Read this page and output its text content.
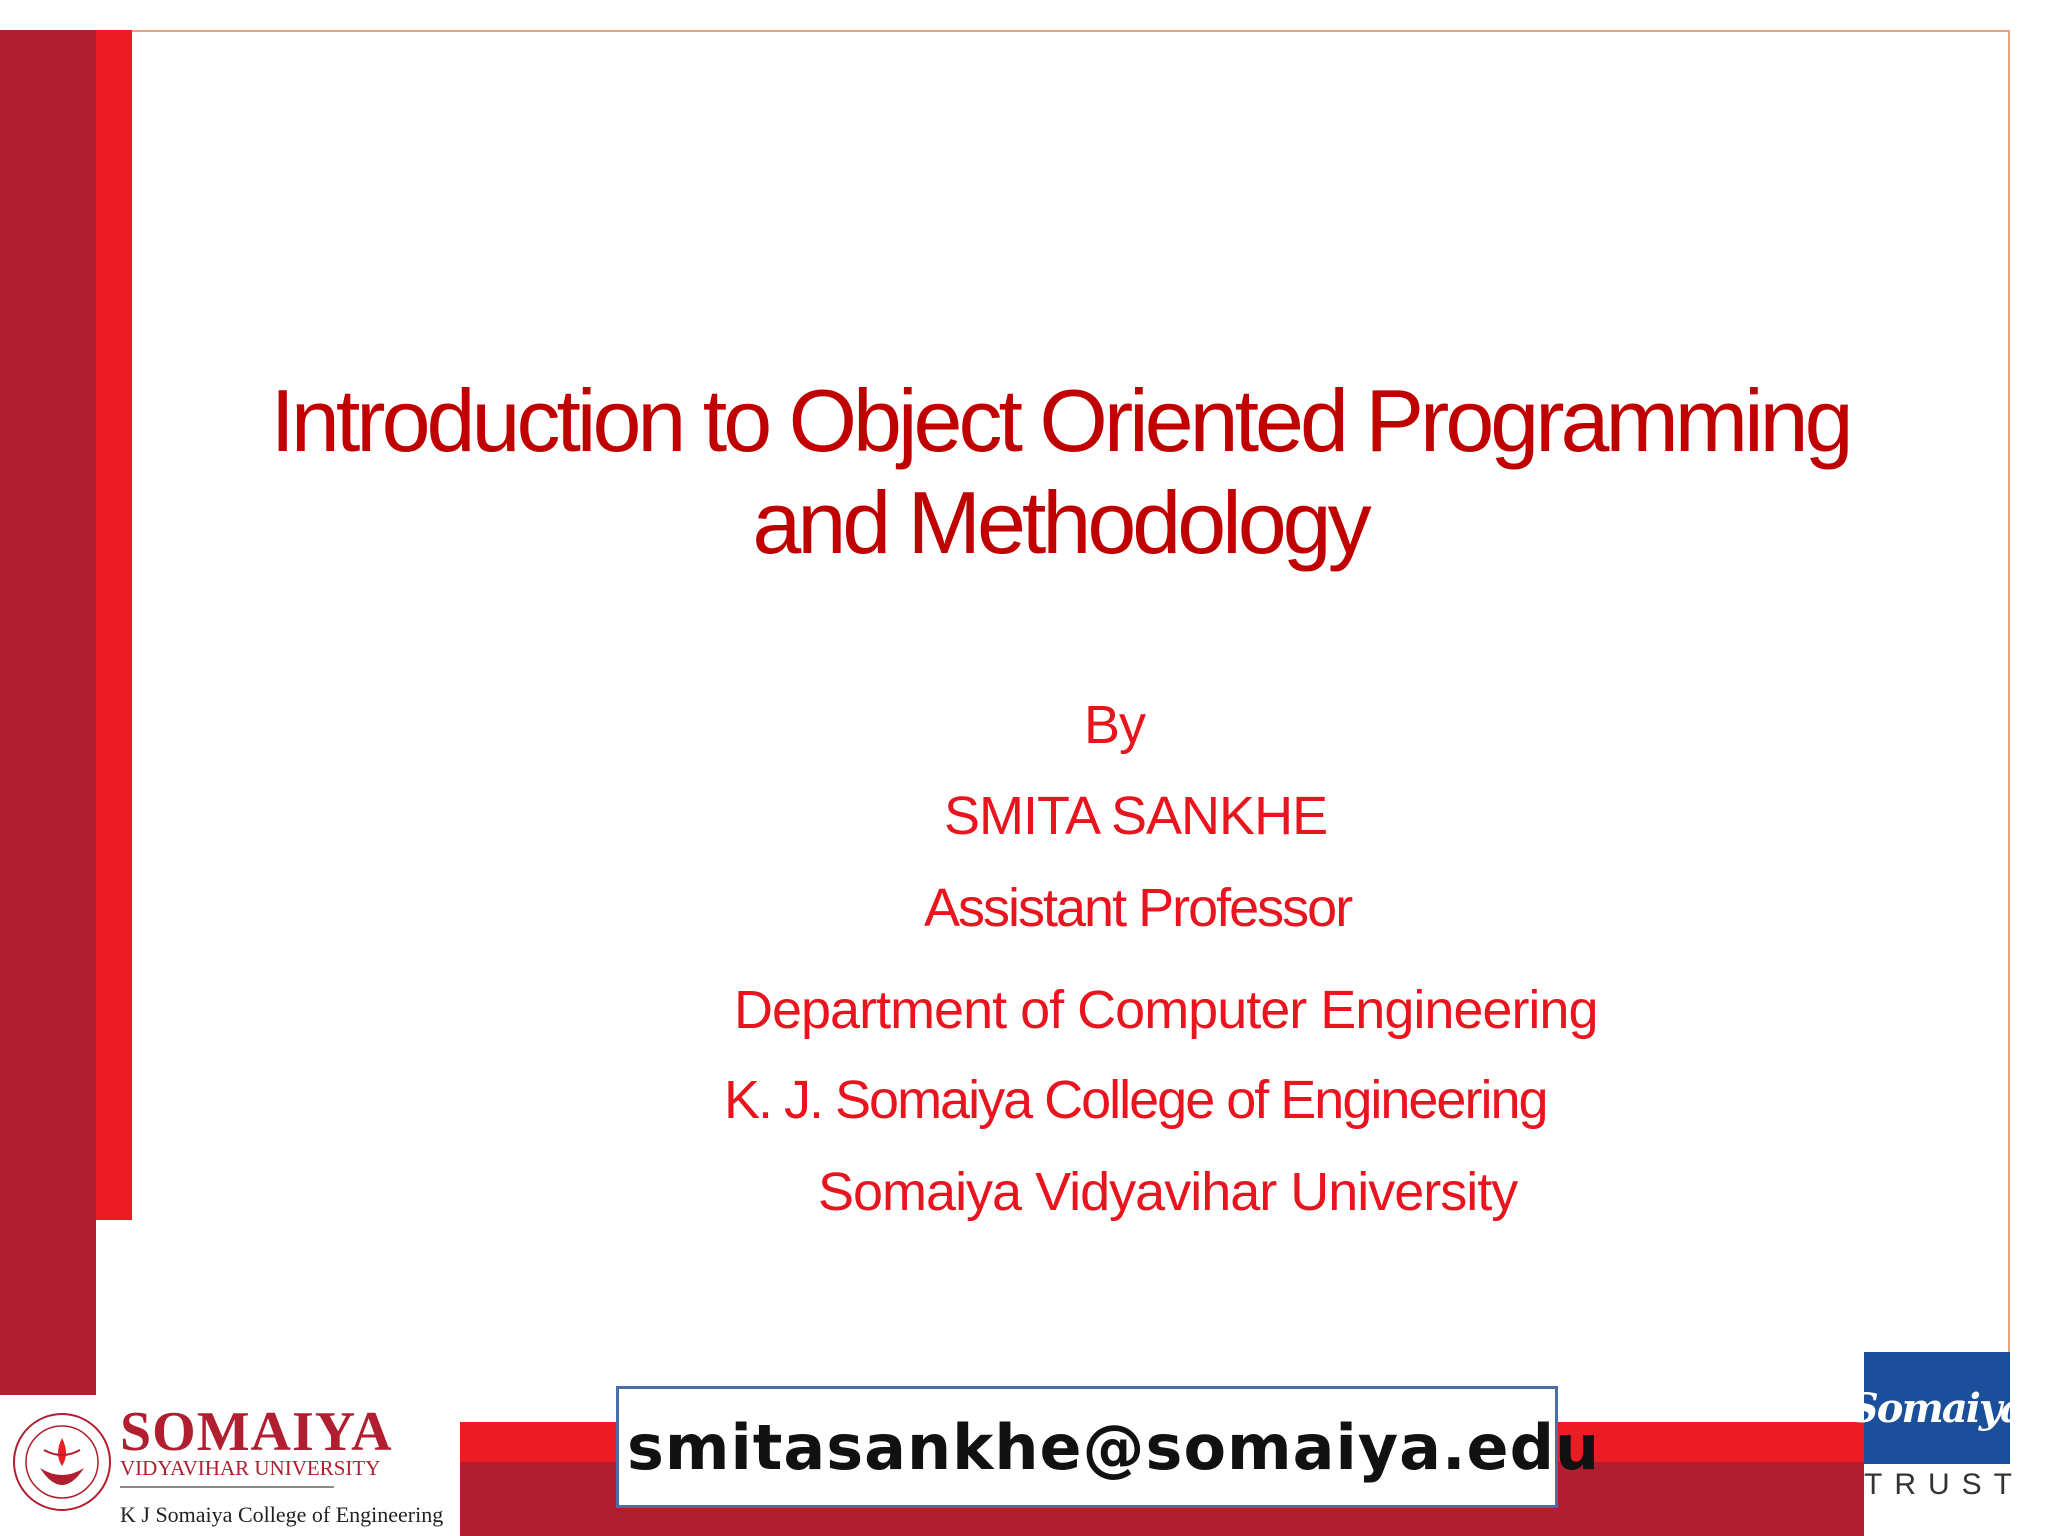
Introduction to Object Oriented Programming and Methodology

By

SMITA SANKHE

Assistant Professor

Department of Computer Engineering

K. J. Somaiya College of Engineering

Somaiya Vidyavihar University

smitasankhe@somaiya.edu
SOMAIYA
VIDYAVIHAR UNIVERSITY
K J Somaiya College of Engineering
Somaiya
TRUST
